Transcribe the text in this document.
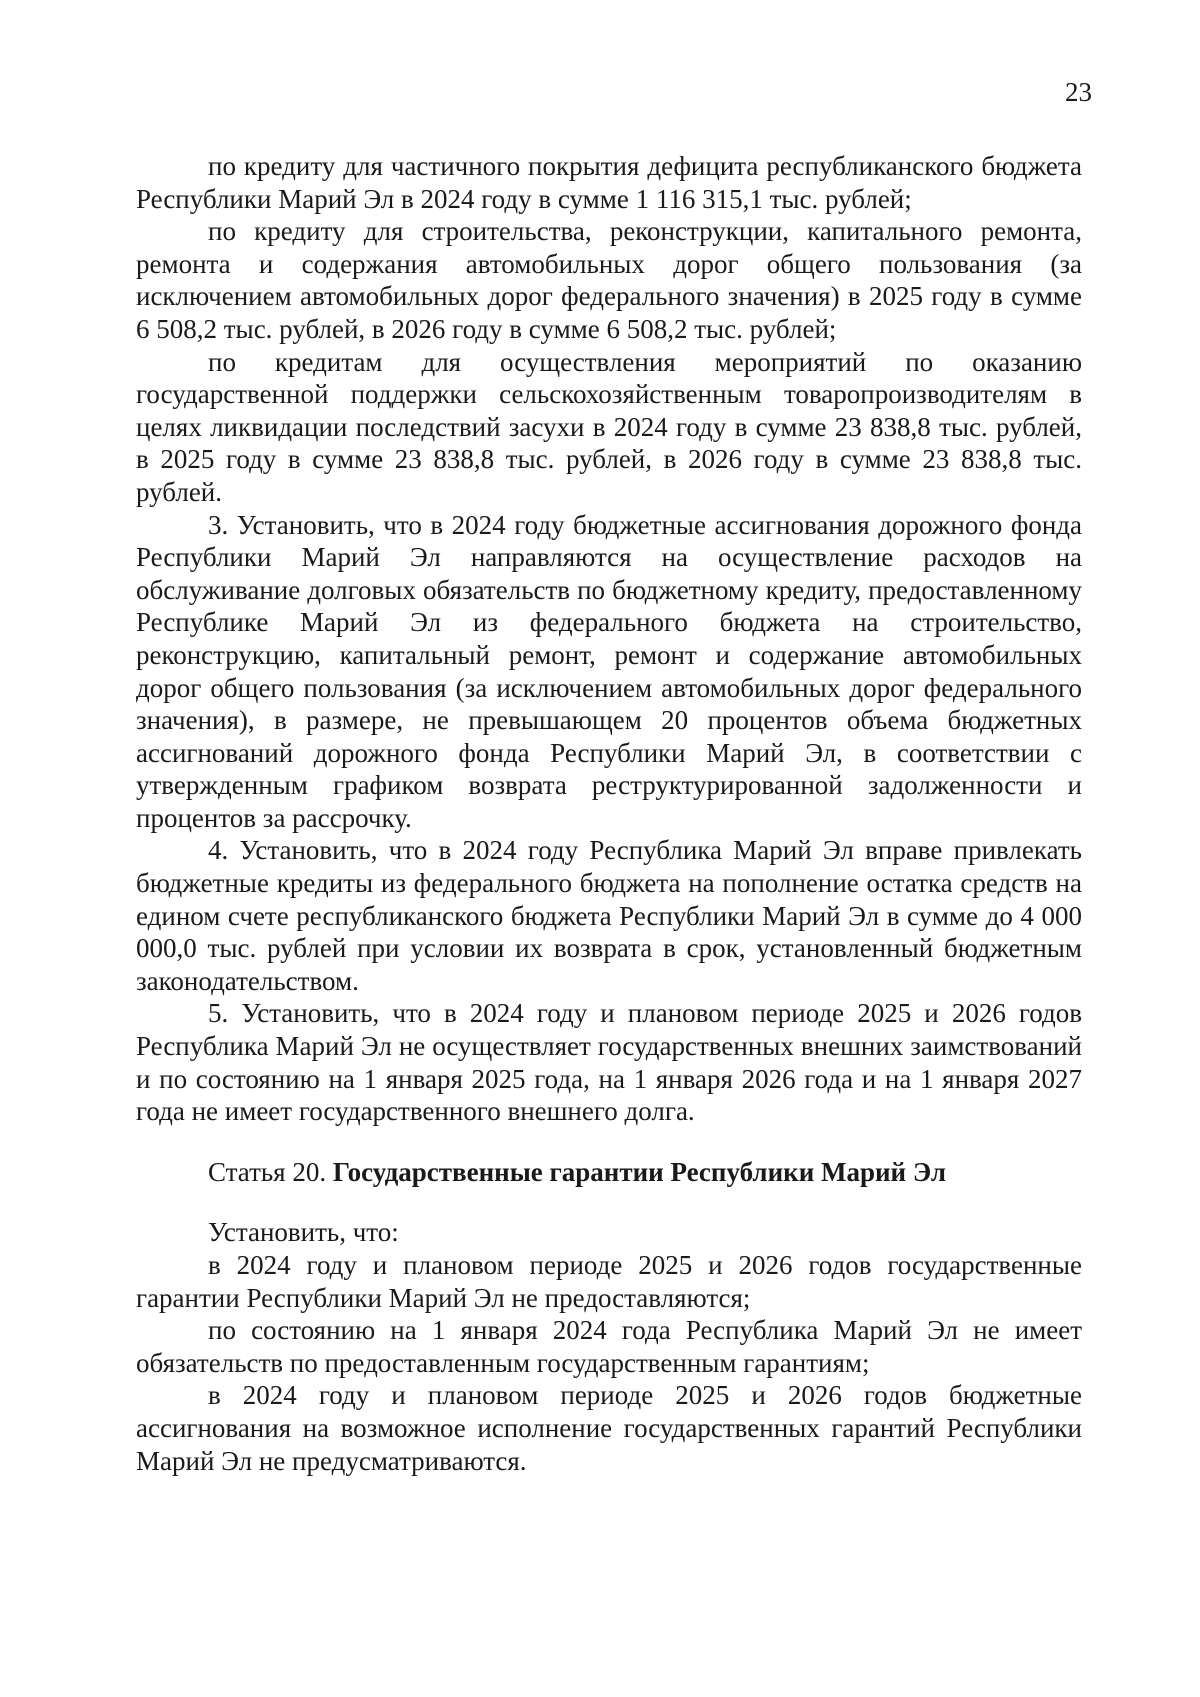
23

по кредиту для частичного покрытия дефицита республиканского бюджета Республики Марий Эл в 2024 году в сумме 1 116 315,1 тыс. рублей;

по кредиту для строительства, реконструкции, капитального ремонта, ремонта и содержания автомобильных дорог общего пользования (за исключением автомобильных дорог федерального значения) в 2025 году в сумме 6 508,2 тыс. рублей, в 2026 году в сумме 6 508,2 тыс. рублей;

по кредитам для осуществления мероприятий по оказанию государственной поддержки сельскохозяйственным товаропроизводителям в целях ликвидации последствий засухи в 2024 году в сумме 23 838,8 тыс. рублей, в 2025 году в сумме 23 838,8 тыс. рублей, в 2026 году в сумме 23 838,8 тыс. рублей.

3. Установить, что в 2024 году бюджетные ассигнования дорожного фонда Республики Марий Эл направляются на осуществление расходов на обслуживание долговых обязательств по бюджетному кредиту, предоставленному Республике Марий Эл из федерального бюджета на строительство, реконструкцию, капитальный ремонт, ремонт и содержание автомобильных дорог общего пользования (за исключением автомобильных дорог федерального значения), в размере, не превышающем 20 процентов объема бюджетных ассигнований дорожного фонда Республики Марий Эл, в соответствии с утвержденным графиком возврата реструктурированной задолженности и процентов за рассрочку.

4. Установить, что в 2024 году Республика Марий Эл вправе привлекать бюджетные кредиты из федерального бюджета на пополнение остатка средств на едином счете республиканского бюджета Республики Марий Эл в сумме до 4 000 000,0 тыс. рублей при условии их возврата в срок, установленный бюджетным законодательством.

5. Установить, что в 2024 году и плановом периоде 2025 и 2026 годов Республика Марий Эл не осуществляет государственных внешних заимствований и по состоянию на 1 января 2025 года, на 1 января 2026 года и на 1 января 2027 года не имеет государственного внешнего долга.

Статья 20. Государственные гарантии Республики Марий Эл

Установить, что:

в 2024 году и плановом периоде 2025 и 2026 годов государственные гарантии Республики Марий Эл не предоставляются;

по состоянию на 1 января 2024 года Республика Марий Эл не имеет обязательств по предоставленным государственным гарантиям;

в 2024 году и плановом периоде 2025 и 2026 годов бюджетные ассигнования на возможное исполнение государственных гарантий Республики Марий Эл не предусматриваются.
